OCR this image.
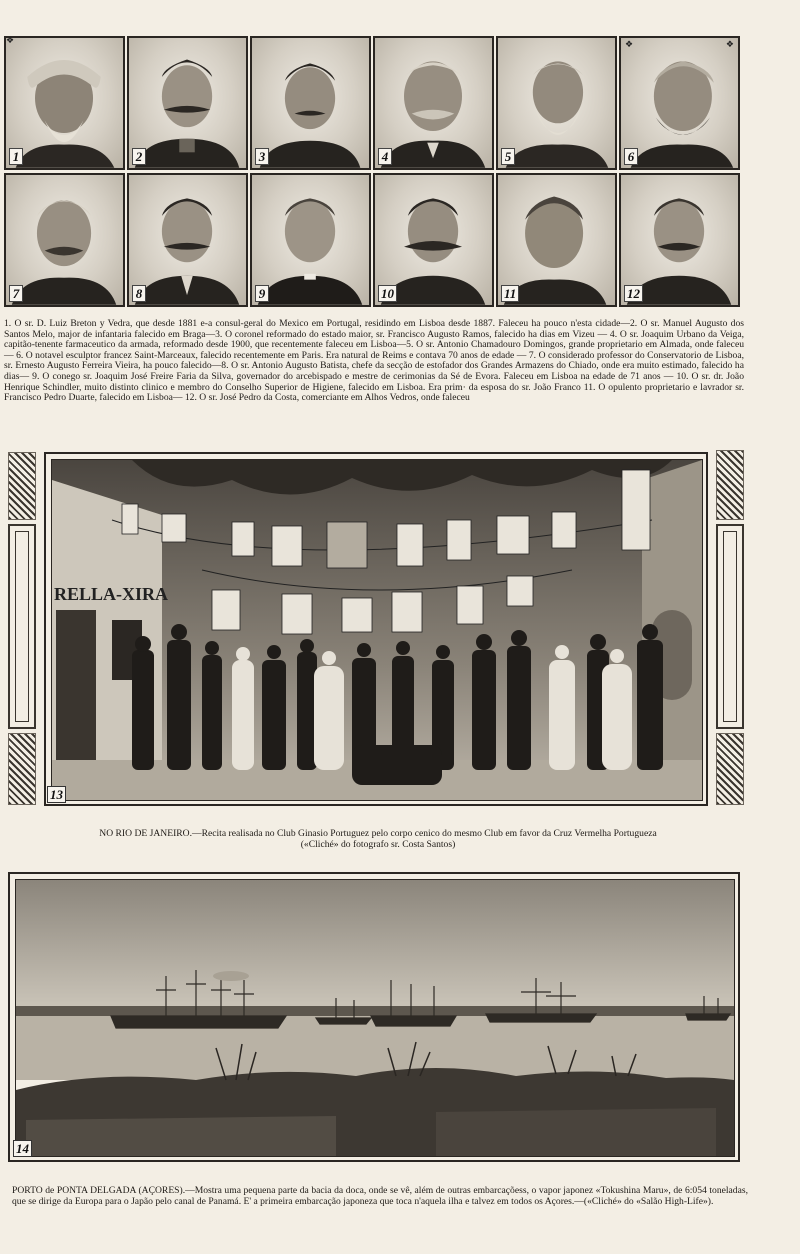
1	2	3	4	5	6
❖	❖
7	8	9	10	11	12

1. O sr. D. Luiz Breton y Vedra, que desde 1881 e-a consul-geral do Mexico em Portugal, residindo em Lisboa desde 1887. Faleceu ha pouco n'esta cidade—2. O sr. Manuel Augusto dos Santos Melo, major de infantaria falecido em Braga—3. O coronel reformado do estado maior, sr. Francisco Augusto Ramos, falecido ha dias em Vizeu — 4. O sr. Joaquim Urbano da Veiga, capitão-tenente farmaceutico da armada, reformado desde 1900, que recentemente faleceu em Lisboa—5. O sr. Antonio Chamadouro Domingos, grande proprietario em Almada, onde faleceu— 6. O notavel esculptor francez Saint-Marceaux, falecido recentemente em Paris. Era natural de Reims e contava 70 anos de edade — 7. O considerado professor do Conservatorio de Lisboa, sr. Ernesto Augusto Ferreira Vieira, ha pouco falecido—8. O sr. Antonio Augusto Batista, chefe da secção de estofador dos Grandes Armazens do Chiado, onde era muito estimado, falecido ha dias— 9. O conego sr. Joaquim José Freire Faria da Silva, governador do arcebispado e mestre de cerimonias da Sé de Evora. Faleceu em Lisboa na edade de 71 anos — 10. O sr. dr. João Henrique Schindler, muito distinto clinico e membro do Conselho Superior de Higiene, falecido em Lisboa. Era prim· da esposa do sr. João Franco 11. O opulento proprietario e lavrador sr. Francisco Pedro Duarte, falecido em Lisboa— 12. O sr. José Pedro da Costa, comerciante em Alhos Vedros, onde faleceu

RELLA-XIRA
13

NO RIO DE JANEIRO.—Recita realisada no Club Ginasio Portuguez pelo corpo cenico do mesmo Club em favor da Cruz Vermelha Portugueza
(«Cliché» do fotografo sr. Costa Santos)

14

PORTO de PONTA DELGADA (AÇORES).—Mostra uma pequena parte da bacia da doca, onde se vê, além de outras embarcaçõess, o vapor japonez «Tokushina Maru», de 6:054 toneladas, que se dirige da Europa para o Japão pelo canal de Panamá. E' a primeira embarcação japoneza que toca n'aquela ilha e talvez em todos os Açores.—(«Cliché» do «Salão High-Life»).

❖
